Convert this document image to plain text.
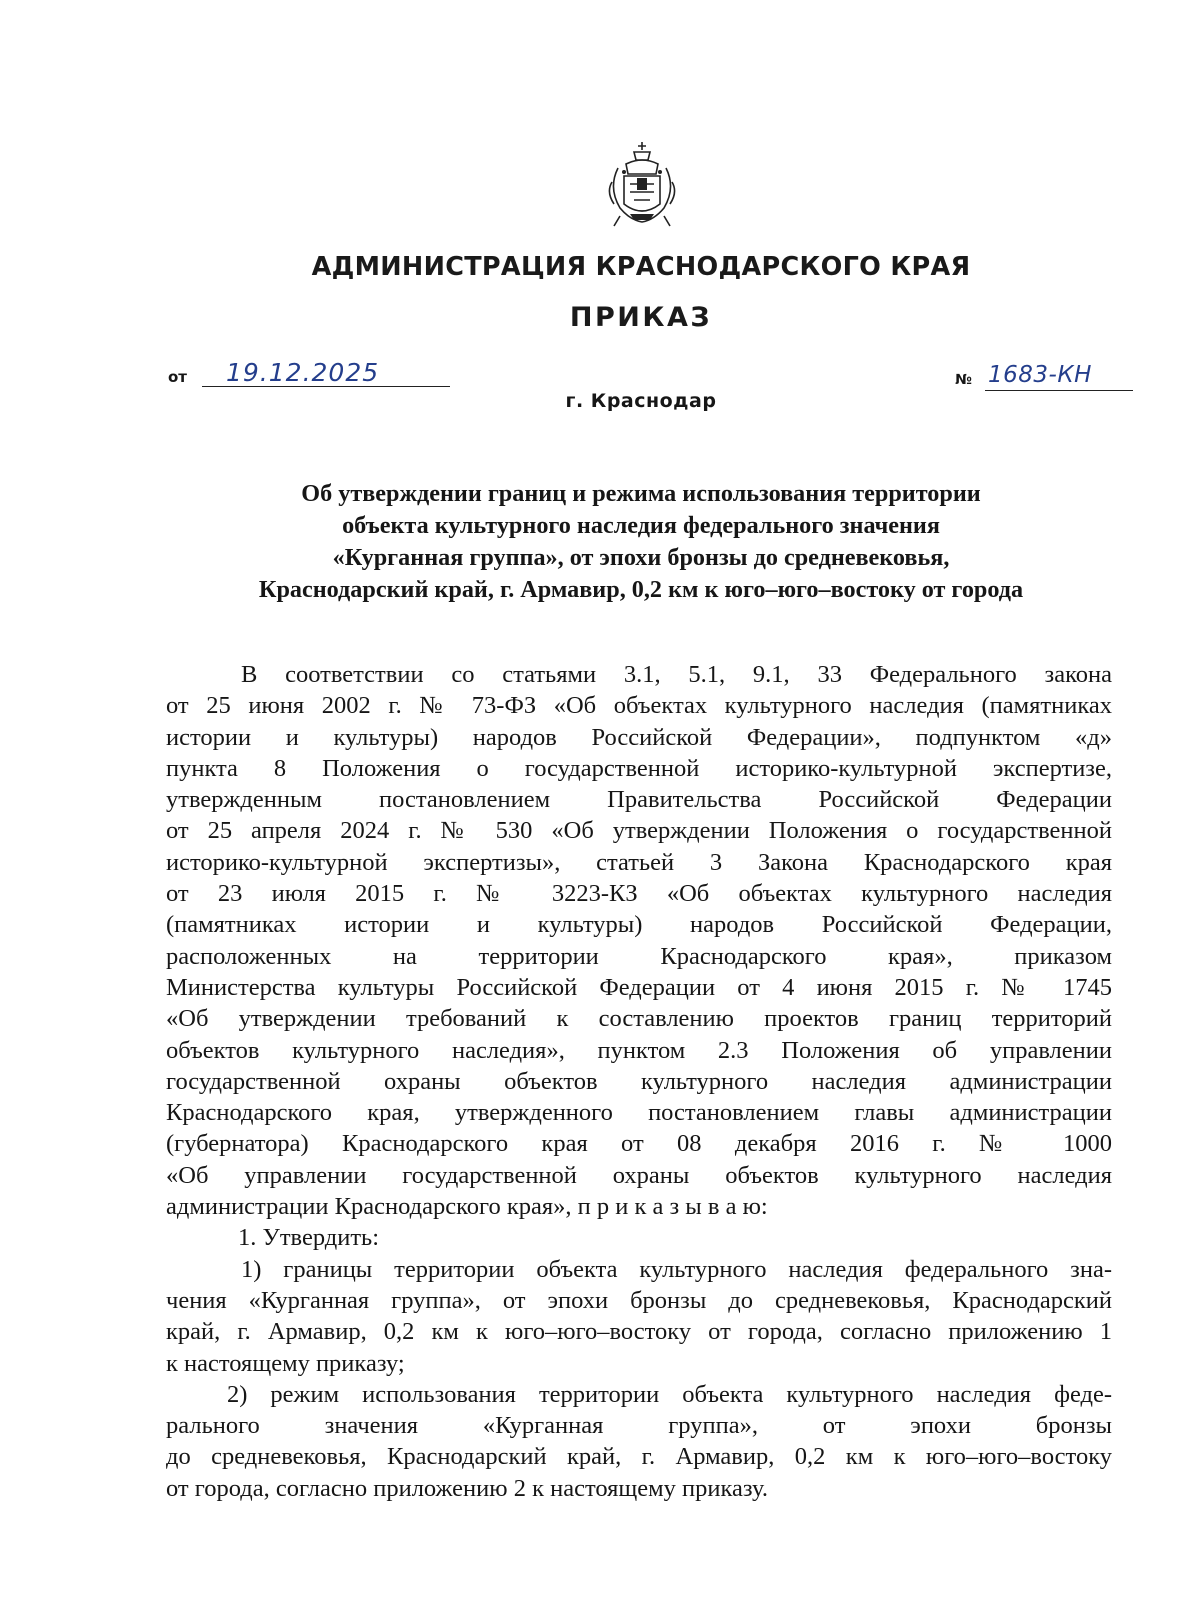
АДМИНИСТРАЦИЯ КРАСНОДАРСКОГО КРАЯ
ПРИКАЗ
от 19.12.2025
г. Краснодар
№ 1683-КН
Об утверждении границ и режима использования территории
объекта культурного наследия федерального значения
«Курганная группа», от эпохи бронзы до средневековья,
Краснодарский край, г. Армавир, 0,2 км к юго–юго–востоку от города
В соответствии со статьями 3.1, 5.1, 9.1, 33 Федерального закона
от 25 июня 2002 г. № 73-ФЗ «Об объектах культурного наследия (памятниках
истории и культуры) народов Российской Федерации», подпунктом «д»
пункта 8 Положения о государственной историко-культурной экспертизе,
утвержденным постановлением Правительства Российской Федерации
от 25 апреля 2024 г. № 530 «Об утверждении Положения о государственной
историко-культурной экспертизы», статьей 3 Закона Краснодарского края
от 23 июля 2015 г. № 3223-КЗ «Об объектах культурного наследия
(памятниках истории и культуры) народов Российской Федерации,
расположенных на территории Краснодарского края», приказом
Министерства культуры Российской Федерации от 4 июня 2015 г. № 1745
«Об утверждении требований к составлению проектов границ территорий
объектов культурного наследия», пунктом 2.3 Положения об управлении
государственной охраны объектов культурного наследия администрации
Краснодарского края, утвержденного постановлением главы администрации
(губернатора) Краснодарского края от 08 декабря 2016 г. № 1000
«Об управлении государственной охраны объектов культурного наследия
администрации Краснодарского края», п р и к а з ы в а ю:
1. Утвердить:
1) границы территории объекта культурного наследия федерального зна-
чения «Курганная группа», от эпохи бронзы до средневековья, Краснодарский
край, г. Армавир, 0,2 км к юго–юго–востоку от города, согласно приложению 1
к настоящему приказу;
2) режим использования территории объекта культурного наследия феде-
рального значения «Курганная группа», от эпохи бронзы
до средневековья, Краснодарский край, г. Армавир, 0,2 км к юго–юго–востоку
от города, согласно приложению 2 к настоящему приказу.
